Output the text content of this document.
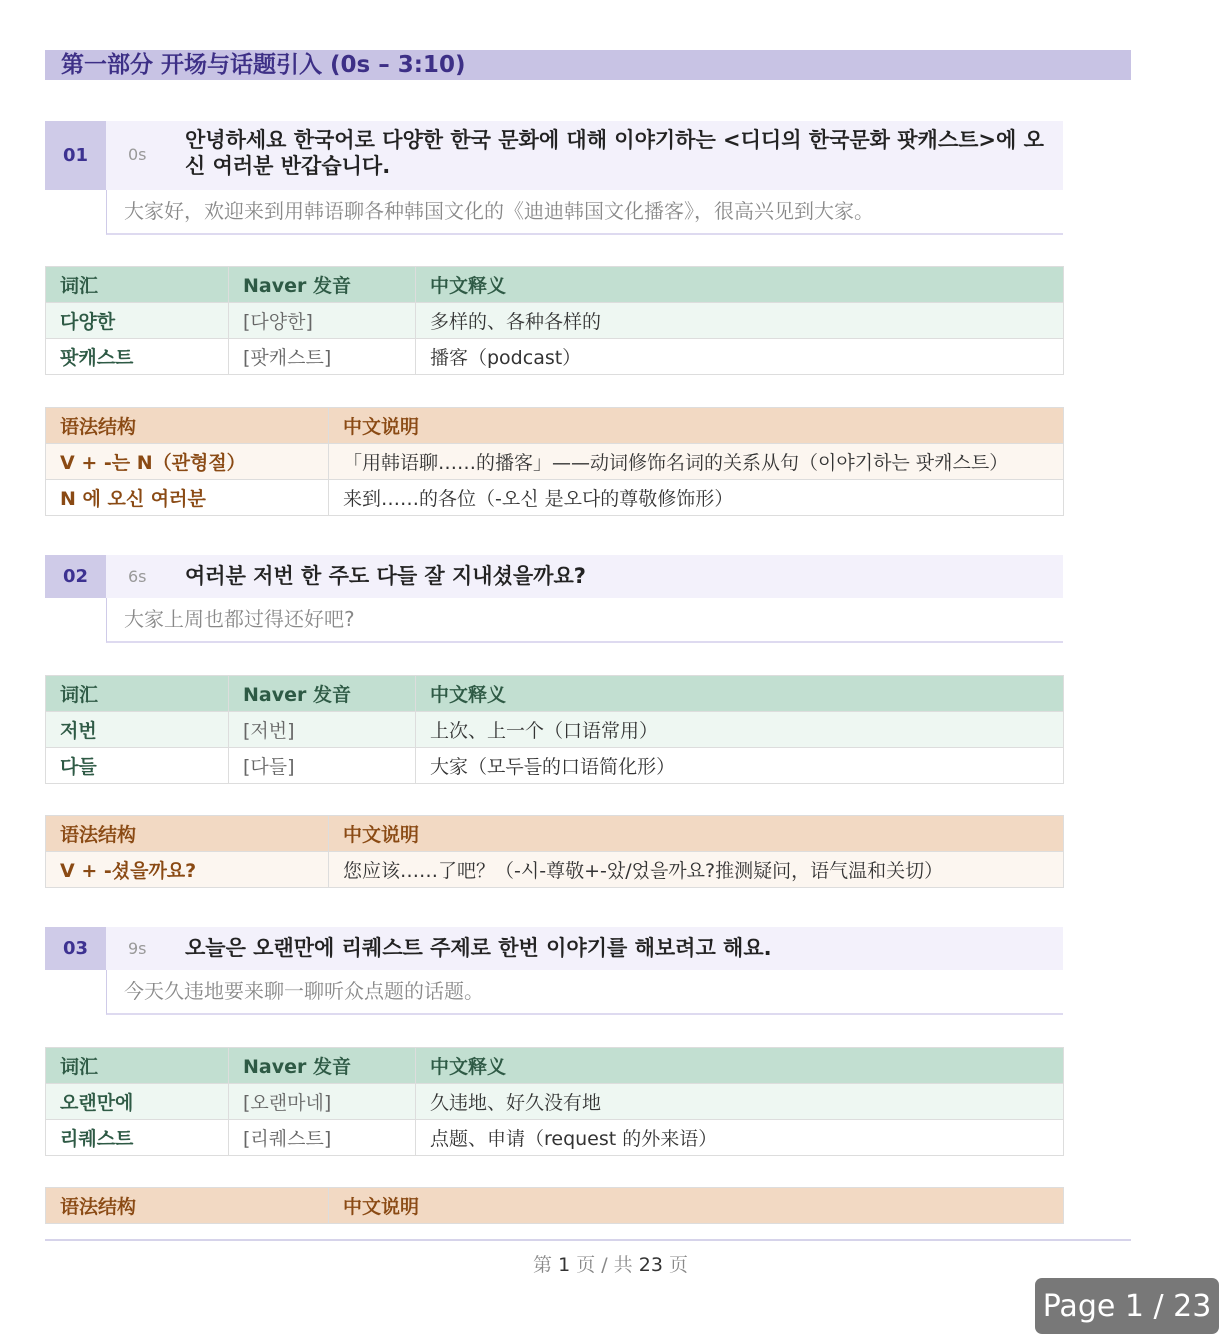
第一部分 开场与话题引入 (0s – 3:10)
01	0s
안녕하세요 한국어로 다양한 한국 문화에 대해 이야기하는 <디디의 한국문화 팟캐스트>에 오신 여러분 반갑습니다.
大家好，欢迎来到用韩语聊各种韩国文化的《迪迪韩国文化播客》，很高兴见到大家。
词汇	Naver 发音	中文释义
다양한	[다양한]	多样的、各种各样的
팟캐스트	[팟캐스트]	播客（podcast）
语法结构	中文说明
V + -는 N（관형절）	「用韩语聊……的播客」——动词修饰名词的关系从句（이야기하는 팟캐스트）
N 에 오신 여러분	来到……的各位（-오신 是오다的尊敬修饰形）
02	6s 여러분 저번 한 주도 다들 잘 지내셨을까요?
大家上周也都过得还好吧?
词汇	Naver 发音	中文释义
저번	[저번]	上次、上一个（口语常用）
다들	[다들]	大家（모두들的口语简化形）
语法结构	中文说明
V + -셨을까요?	您应该……了吧？（-시-尊敬+-았/었을까요?推测疑问，语气温和关切）
03	9s 오늘은 오랜만에 리퀘스트 주제로 한번 이야기를 해보려고 해요.
今天久违地要来聊一聊听众点题的话题。
词汇	Naver 发音	中文释义
오랜만에	[오랜마네]	久违地、好久没有地
리퀘스트	[리퀘스트]	点题、申请（request 的外来语）
语法结构	中文说明
第 1 页 / 共 23 页
Page 1 / 23
